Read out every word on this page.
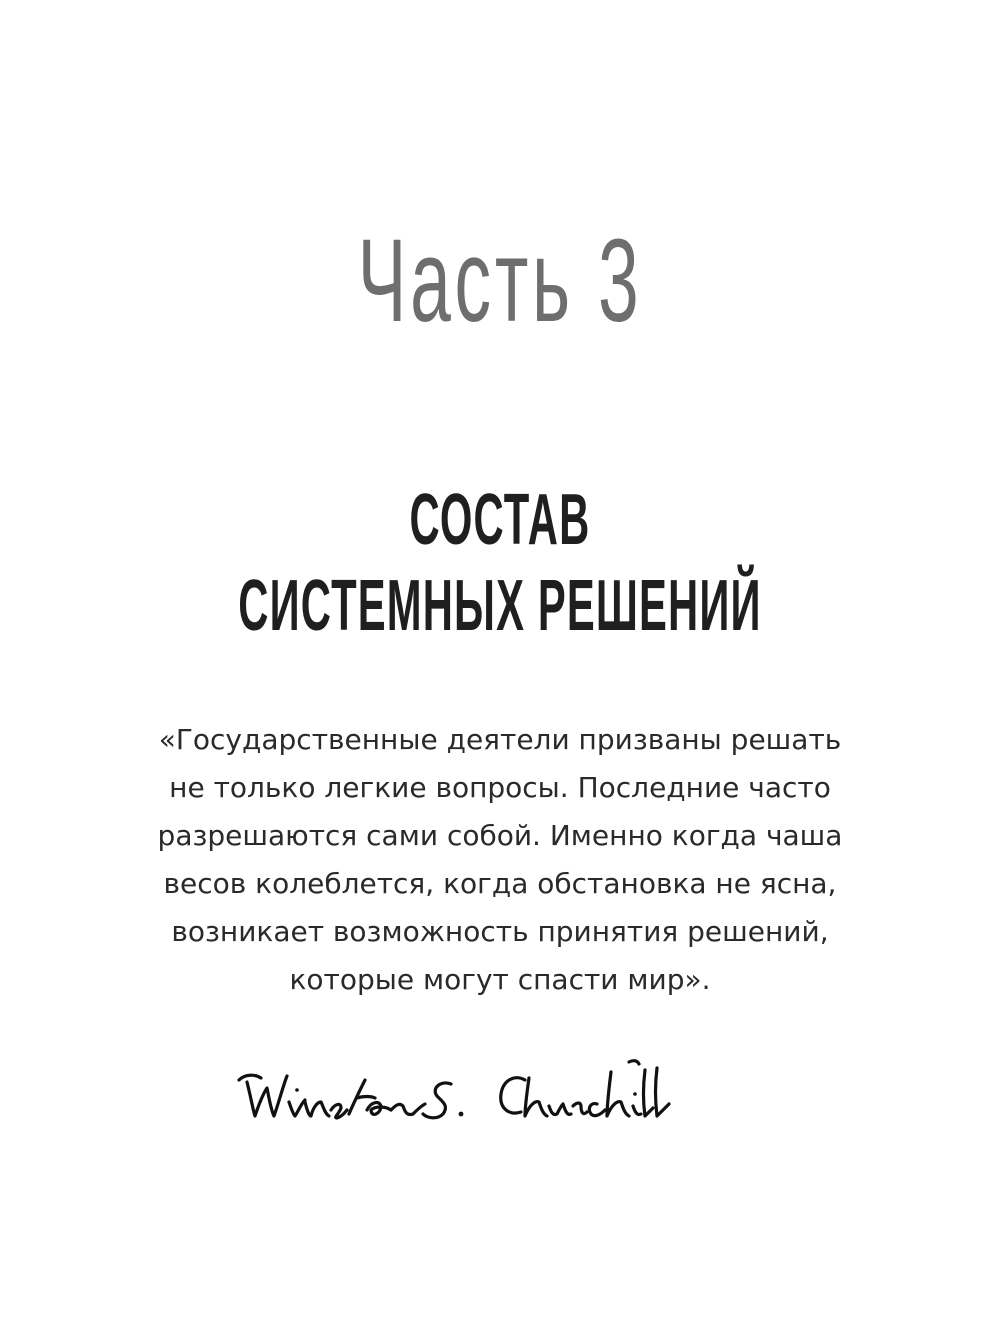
Часть 3
СОСТАВ
СИСТЕМНЫХ РЕШЕНИЙ
«Государственные деятели призваны решать
не только легкие вопросы. Последние часто
разрешаются сами собой. Именно когда чаша
весов колеблется, когда обстановка не ясна,
возникает возможность принятия решений,
которые могут спасти мир».
